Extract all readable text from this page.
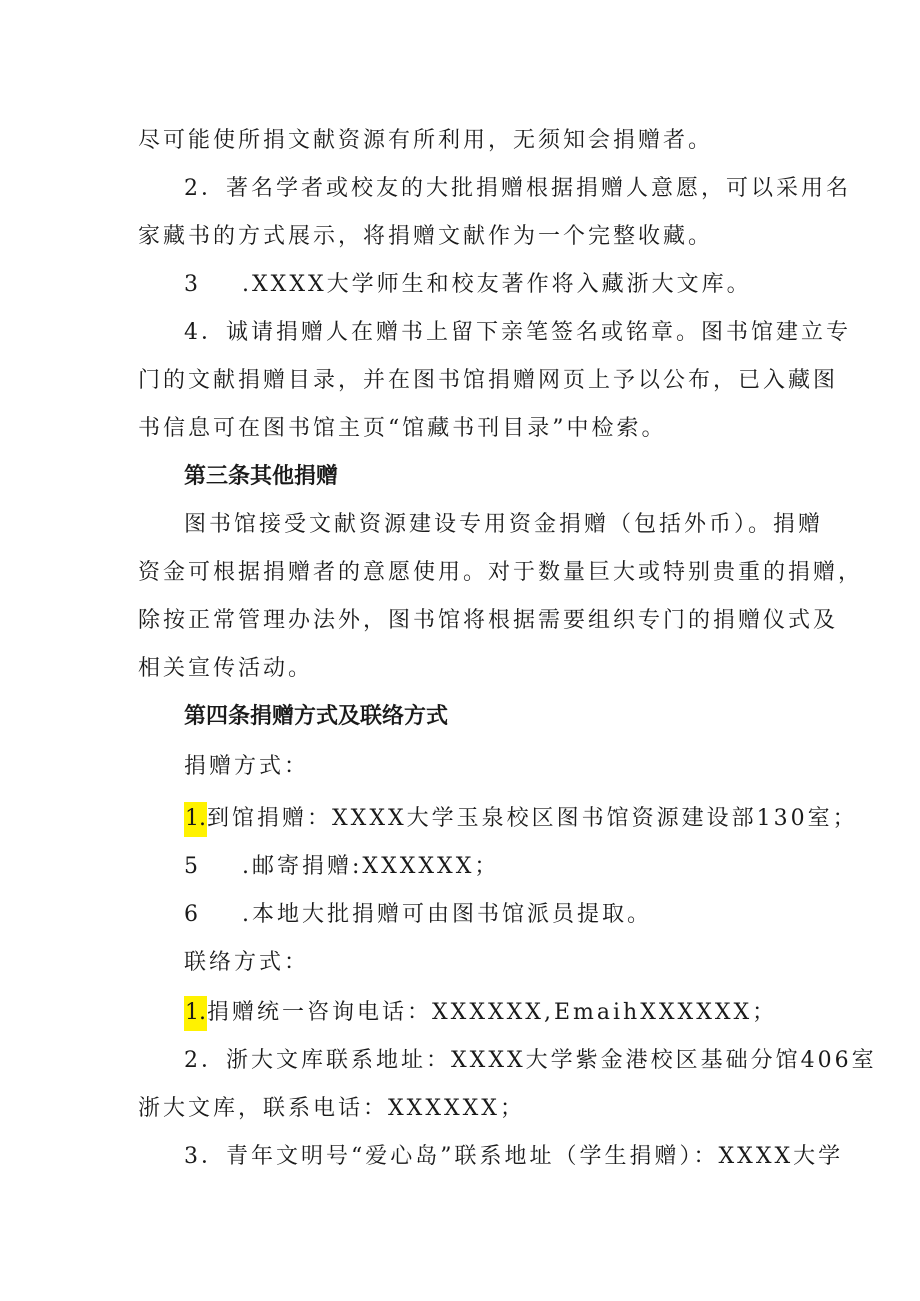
尽可能使所捐文献资源有所利用，无须知会捐赠者。
2．著名学者或校友的大批捐赠根据捐赠人意愿，可以采用名
家藏书的方式展示，将捐赠文献作为一个完整收藏。
3 .XXXX大学师生和校友著作将入藏浙大文库。
4．诚请捐赠人在赠书上留下亲笔签名或铭章。图书馆建立专
门的文献捐赠目录，并在图书馆捐赠网页上予以公布，已入藏图
书信息可在图书馆主页“馆藏书刊目录”中检索。
第三条其他捐赠
图书馆接受文献资源建设专用资金捐赠（包括外币）。捐赠
资金可根据捐赠者的意愿使用。对于数量巨大或特别贵重的捐赠，
除按正常管理办法外，图书馆将根据需要组织专门的捐赠仪式及
相关宣传活动。
第四条捐赠方式及联络方式
捐赠方式：
1.到馆捐赠：XXXX大学玉泉校区图书馆资源建设部130室；
5 .邮寄捐赠:XXXXXX；
6 .本地大批捐赠可由图书馆派员提取。
联络方式：
1.捐赠统一咨询电话：XXXXXX,EmaihXXXXXX；
2．浙大文库联系地址：XXXX大学紫金港校区基础分馆406室
浙大文库，联系电话：XXXXXX；
3．青年文明号“爱心岛”联系地址（学生捐赠）：XXXX大学
